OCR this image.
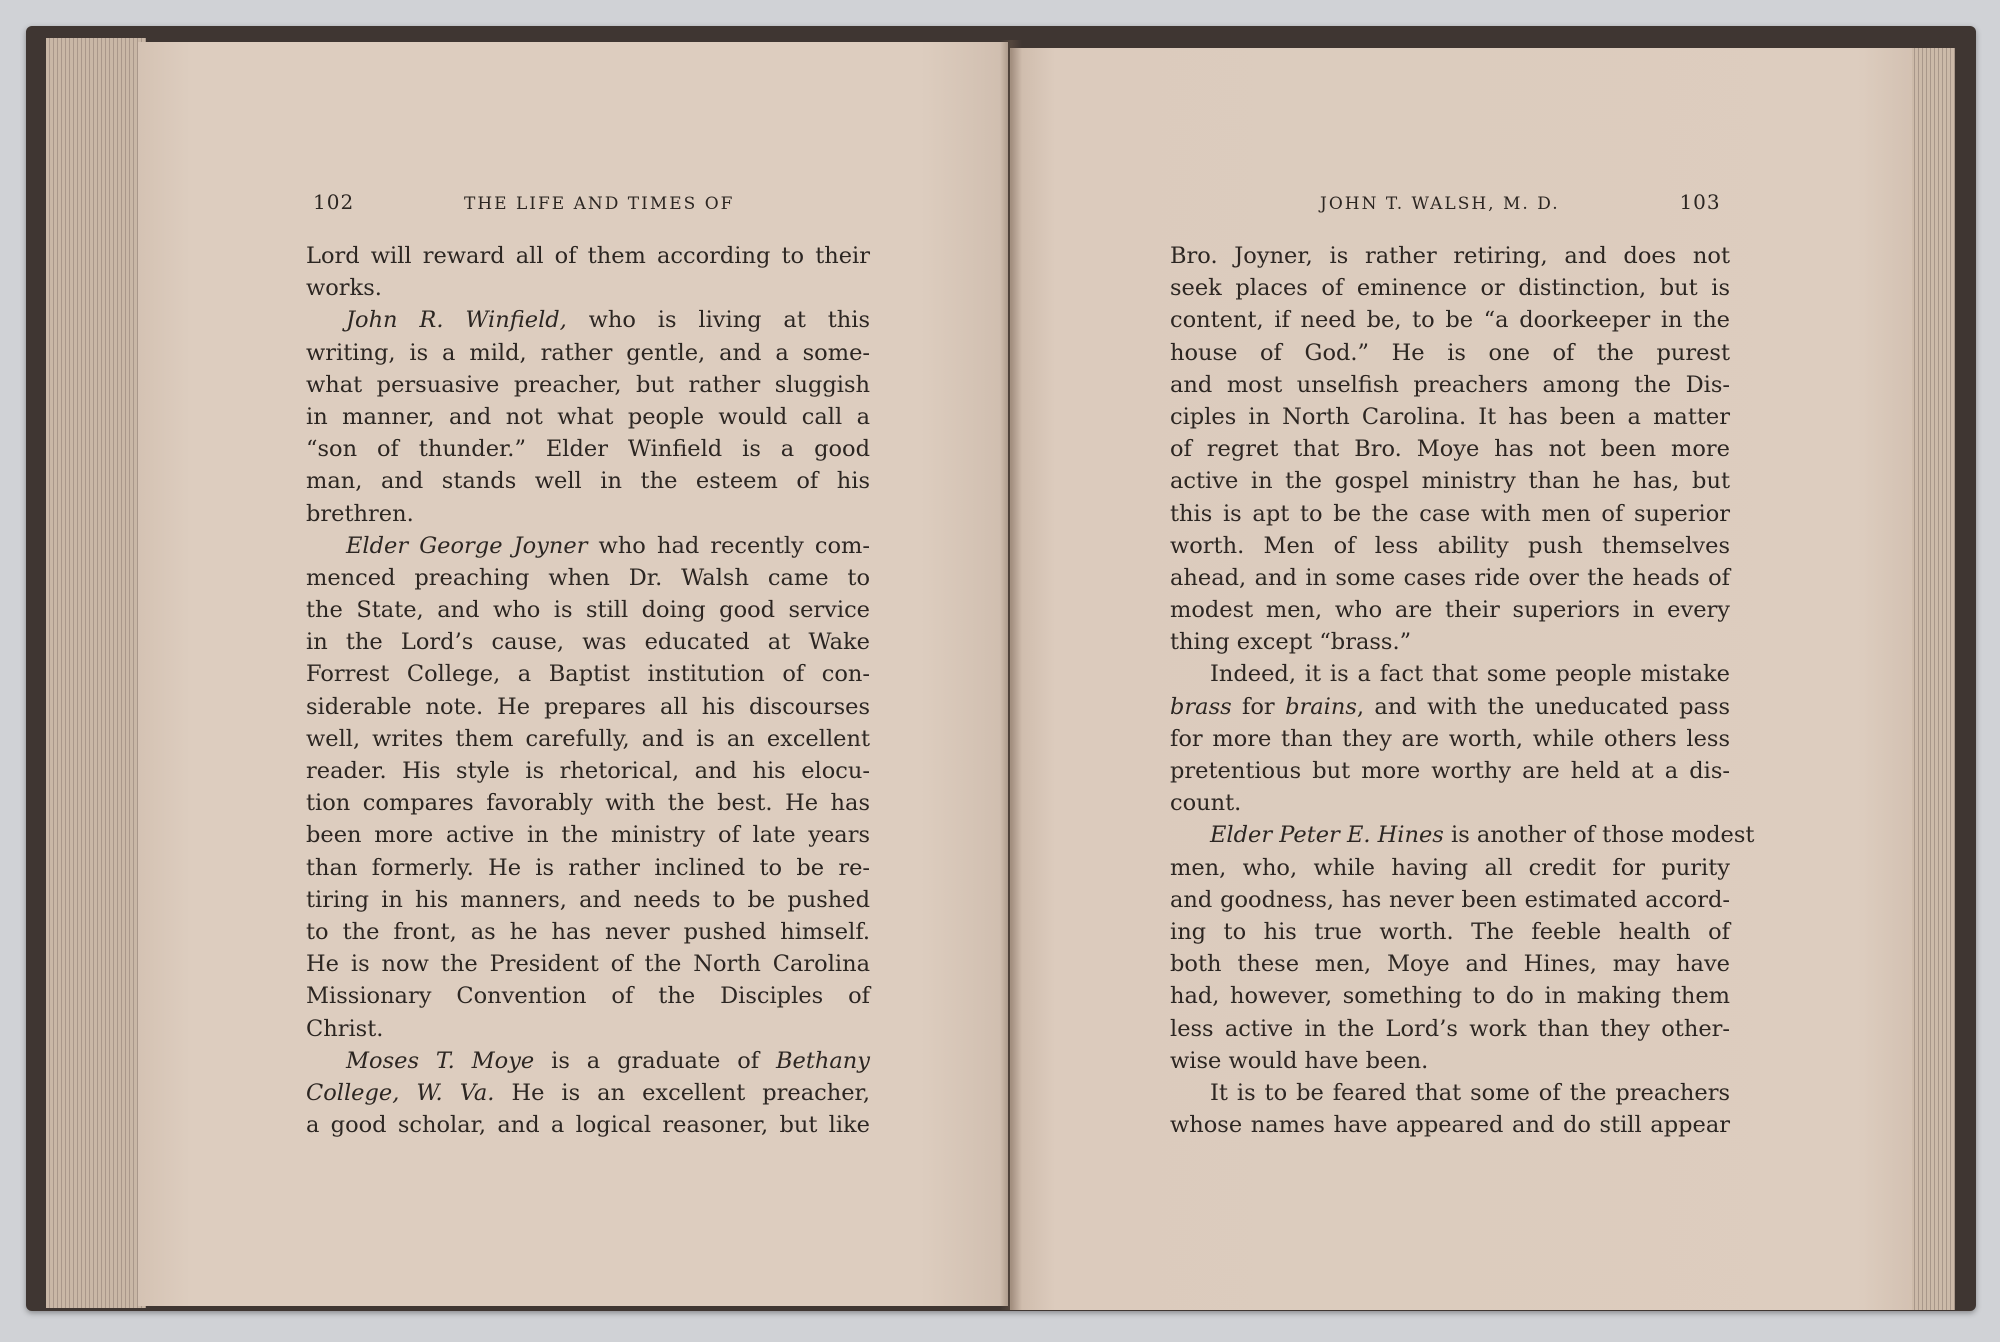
102	THE LIFE AND TIMES OF	JOHN T. WALSH, M. D.	103
Lord will reward all of them according to their
works.
John R. Winfield, who is living at this
writing, is a mild, rather gentle, and a some-
what persuasive preacher, but rather sluggish
in manner, and not what people would call a
“son of thunder.” Elder Winfield is a good
man, and stands well in the esteem of his
brethren.
Elder George Joyner who had recently com-
menced preaching when Dr. Walsh came to
the State, and who is still doing good service
in the Lord’s cause, was educated at Wake
Forrest College, a Baptist institution of con-
siderable note. He prepares all his discourses
well, writes them carefully, and is an excellent
reader. His style is rhetorical, and his elocu-
tion compares favorably with the best. He has
been more active in the ministry of late years
than formerly. He is rather inclined to be re-
tiring in his manners, and needs to be pushed
to the front, as he has never pushed himself.
He is now the President of the North Carolina
Missionary Convention of the Disciples of
Christ.
Moses T. Moye is a graduate of Bethany
College, W. Va. He is an excellent preacher,
a good scholar, and a logical reasoner, but like
Bro. Joyner, is rather retiring, and does not
seek places of eminence or distinction, but is
content, if need be, to be “a doorkeeper in the
house of God.” He is one of the purest
and most unselfish preachers among the Dis-
ciples in North Carolina. It has been a matter
of regret that Bro. Moye has not been more
active in the gospel ministry than he has, but
this is apt to be the case with men of superior
worth. Men of less ability push themselves
ahead, and in some cases ride over the heads of
modest men, who are their superiors in every
thing except “brass.”
Indeed, it is a fact that some people mistake
brass for brains, and with the uneducated pass
for more than they are worth, while others less
pretentious but more worthy are held at a dis-
count.
Elder Peter E. Hines is another of those modest
men, who, while having all credit for purity
and goodness, has never been estimated accord-
ing to his true worth. The feeble health of
both these men, Moye and Hines, may have
had, however, something to do in making them
less active in the Lord’s work than they other-
wise would have been.
It is to be feared that some of the preachers
whose names have appeared and do still appear
